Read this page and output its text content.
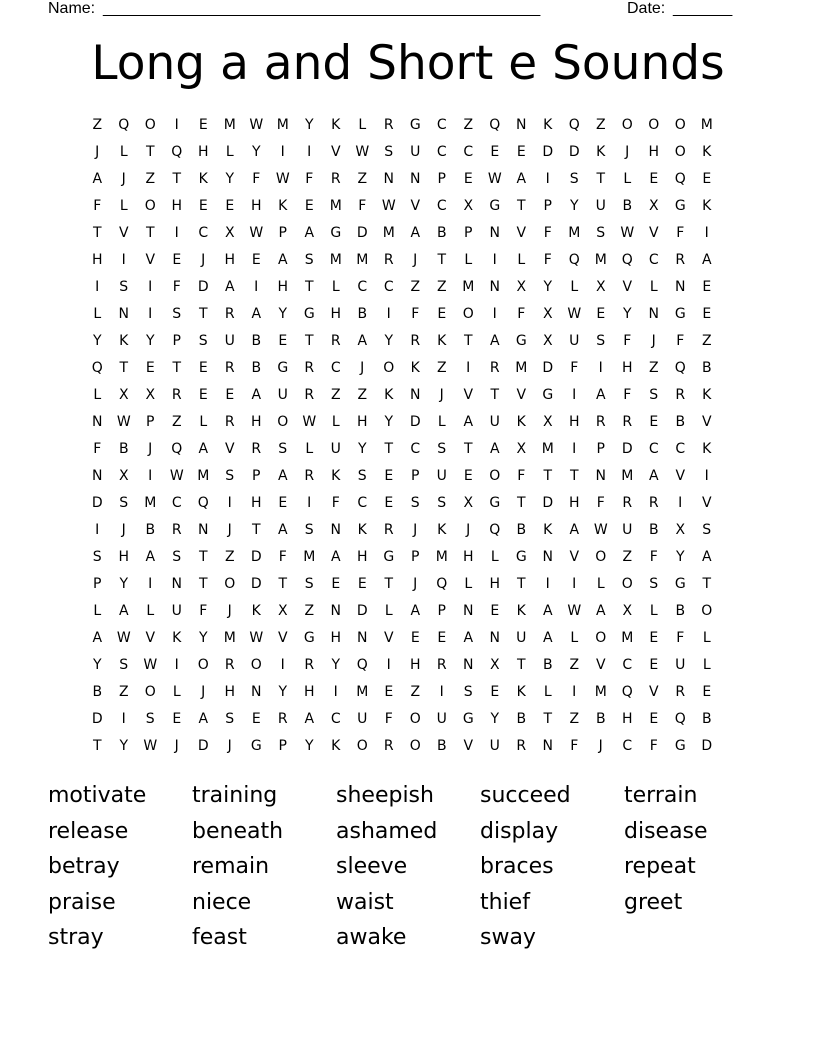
Name: ____________________________________________________	Date: _______
Long a and Short e Sounds
Z	Q	O	I	E	M W M	Y	K	L	R	G	C	Z	Q	N	K	Q	Z	O	O	O	M
J	L	T	Q	H	L	Y	I	I	V	W	S	U	C	C	E	E	D	D	K	J	H	O	K
A	J	Z	T	K	Y	F	W	F	R	Z	N	N	P	E	W	A	I	S	T	L	E	Q	E
F	L	O	H	E	E	H	K	E	M	F	W	V	C	X	G	T	P	Y	U	B	X	G	K
T	V	T	I	C	X	W	P	A	G	D	M	A	B	P	N	V	F	M	S	W	V	F	I
H	I	V	E	J	H	E	A	S	M	M	R	J	T	L	I	L	F	Q	M	Q	C	R	A
I	S	I	F	D	A	I	H	T	L	C	C	Z	Z	M	N	X	Y	L	X	V	L	N	E
L	N	I	S	T	R	A	Y	G	H	B	I	F	E	O	I	F	X	W	E	Y	N	G	E
Y	K	Y	P	S	U	B	E	T	R	A	Y	R	K	T	A	G	X	U	S	F	J	F	Z
Q	T	E	T	E	R	B	G	R	C	J	O	K	Z	I	R	M	D	F	I	H	Z	Q	B
L	X	X	R	E	E	A	U	R	Z	Z	K	N	J	V	T	V	G	I	A	F	S	R	K
N	W	P	Z	L	R	H	O	W	L	H	Y	D	L	A	U	K	X	H	R	R	E	B	V
F	B	J	Q	A	V	R	S	L	U	Y	T	C	S	T	A	X	M	I	P	D	C	C	K
N	X	I	W M	S	P	A	R	K	S	E	P	U	E	O	F	T	T	N	M	A	V	I
D	S	M	C	Q	I	H	E	I	F	C	E	S	S	X	G	T	D	H	F	R	R	I	V
I	J	B	R	N	J	T	A	S	N	K	R	J	K	J	Q	B	K	A	W	U	B	X	S
S	H	A	S	T	Z	D	F	M	A	H	G	P	M	H	L	G	N	V	O	Z	F	Y	A
P	Y	I	N	T	O	D	T	S	E	E	T	J	Q	L	H	T	I	I	L	O	S	G	T
L	A	L	U	F	J	K	X	Z	N	D	L	A	P	N	E	K	A	W	A	X	L	B	O
A	W	V	K	Y	M W	V	G	H	N	V	E	E	A	N	U	A	L	O	M	E	F	L
Y	S	W	I	O	R	O	I	R	Y	Q	I	H	R	N	X	T	B	Z	V	C	E	U	L
B	Z	O	L	J	H	N	Y	H	I	M	E	Z	I	S	E	K	L	I	M	Q	V	R	E
D	I	S	E	A	S	E	R	A	C	U	F	O	U	G	Y	B	T	Z	B	H	E	Q	B
T	Y	W	J	D	J	G	P	Y	K	O	R	O	B	V	U	R	N	F	J	C	F	G	D
motivate	training	sheepish	succeed	terrain
release	beneath	ashamed	display	disease
betray	remain	sleeve	braces	repeat
praise	niece	waist	thief	greet
stray	feast	awake	sway
